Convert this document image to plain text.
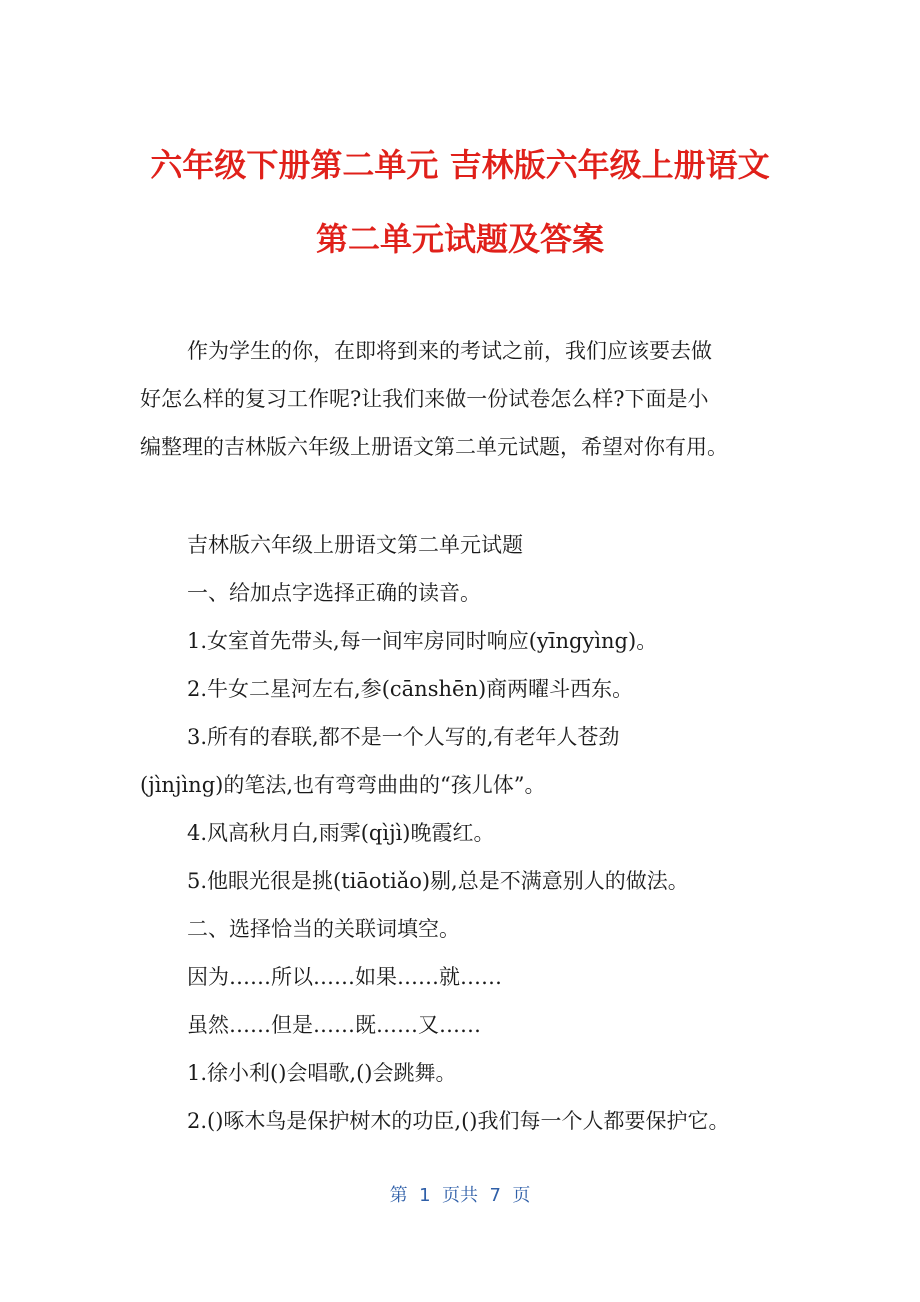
六年级下册第二单元 吉林版六年级上册语文
第二单元试题及答案

作为学生的你，在即将到来的考试之前，我们应该要去做

好怎么样的复习工作呢?让我们来做一份试卷怎么样?下面是小

编整理的吉林版六年级上册语文第二单元试题，希望对你有用。

吉林版六年级上册语文第二单元试题

一、给加点字选择正确的读音。

1.女室首先带头,每一间牢房同时响应(yīngyìng)。

2.牛女二星河左右,参(cānshēn)商两曜斗西东。

3.所有的春联,都不是一个人写的,有老年人苍劲

(jìnjìng)的笔法,也有弯弯曲曲的“孩儿体”。

4.风高秋月白,雨霁(qìjì)晚霞红。

5.他眼光很是挑(tiāotiǎo)剔,总是不满意别人的做法。

二、选择恰当的关联词填空。

因为……所以……如果……就……

虽然……但是……既……又……

1.徐小利()会唱歌,()会跳舞。

2.()啄木鸟是保护树木的功臣,()我们每一个人都要保护它。

第  1  页共  7  页
